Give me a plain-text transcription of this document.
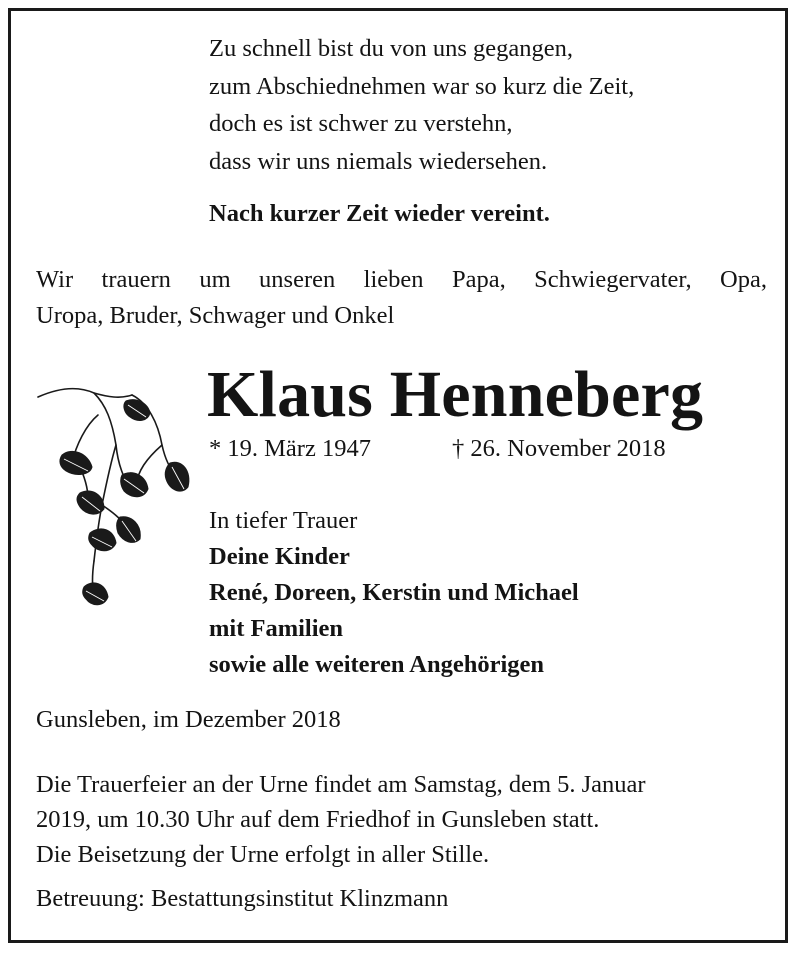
Zu schnell bist du von uns gegangen,
zum Abschiednehmen war so kurz die Zeit,
doch es ist schwer zu verstehn,
dass wir uns niemals wiedersehen.
Nach kurzer Zeit wieder vereint.
Wir trauern um unseren lieben Papa, Schwiegervater, Opa,
Uropa, Bruder, Schwager und Onkel
Klaus Henneberg
* 19. März 1947	† 26. November 2018
In tiefer Trauer
Deine Kinder
René, Doreen, Kerstin und Michael
mit Familien
sowie alle weiteren Angehörigen
Gunsleben, im Dezember 2018
Die Trauerfeier an der Urne findet am Samstag, dem 5. Januar
2019, um 10.30 Uhr auf dem Friedhof in Gunsleben statt.
Die Beisetzung der Urne erfolgt in aller Stille.
Betreuung: Bestattungsinstitut Klinzmann
